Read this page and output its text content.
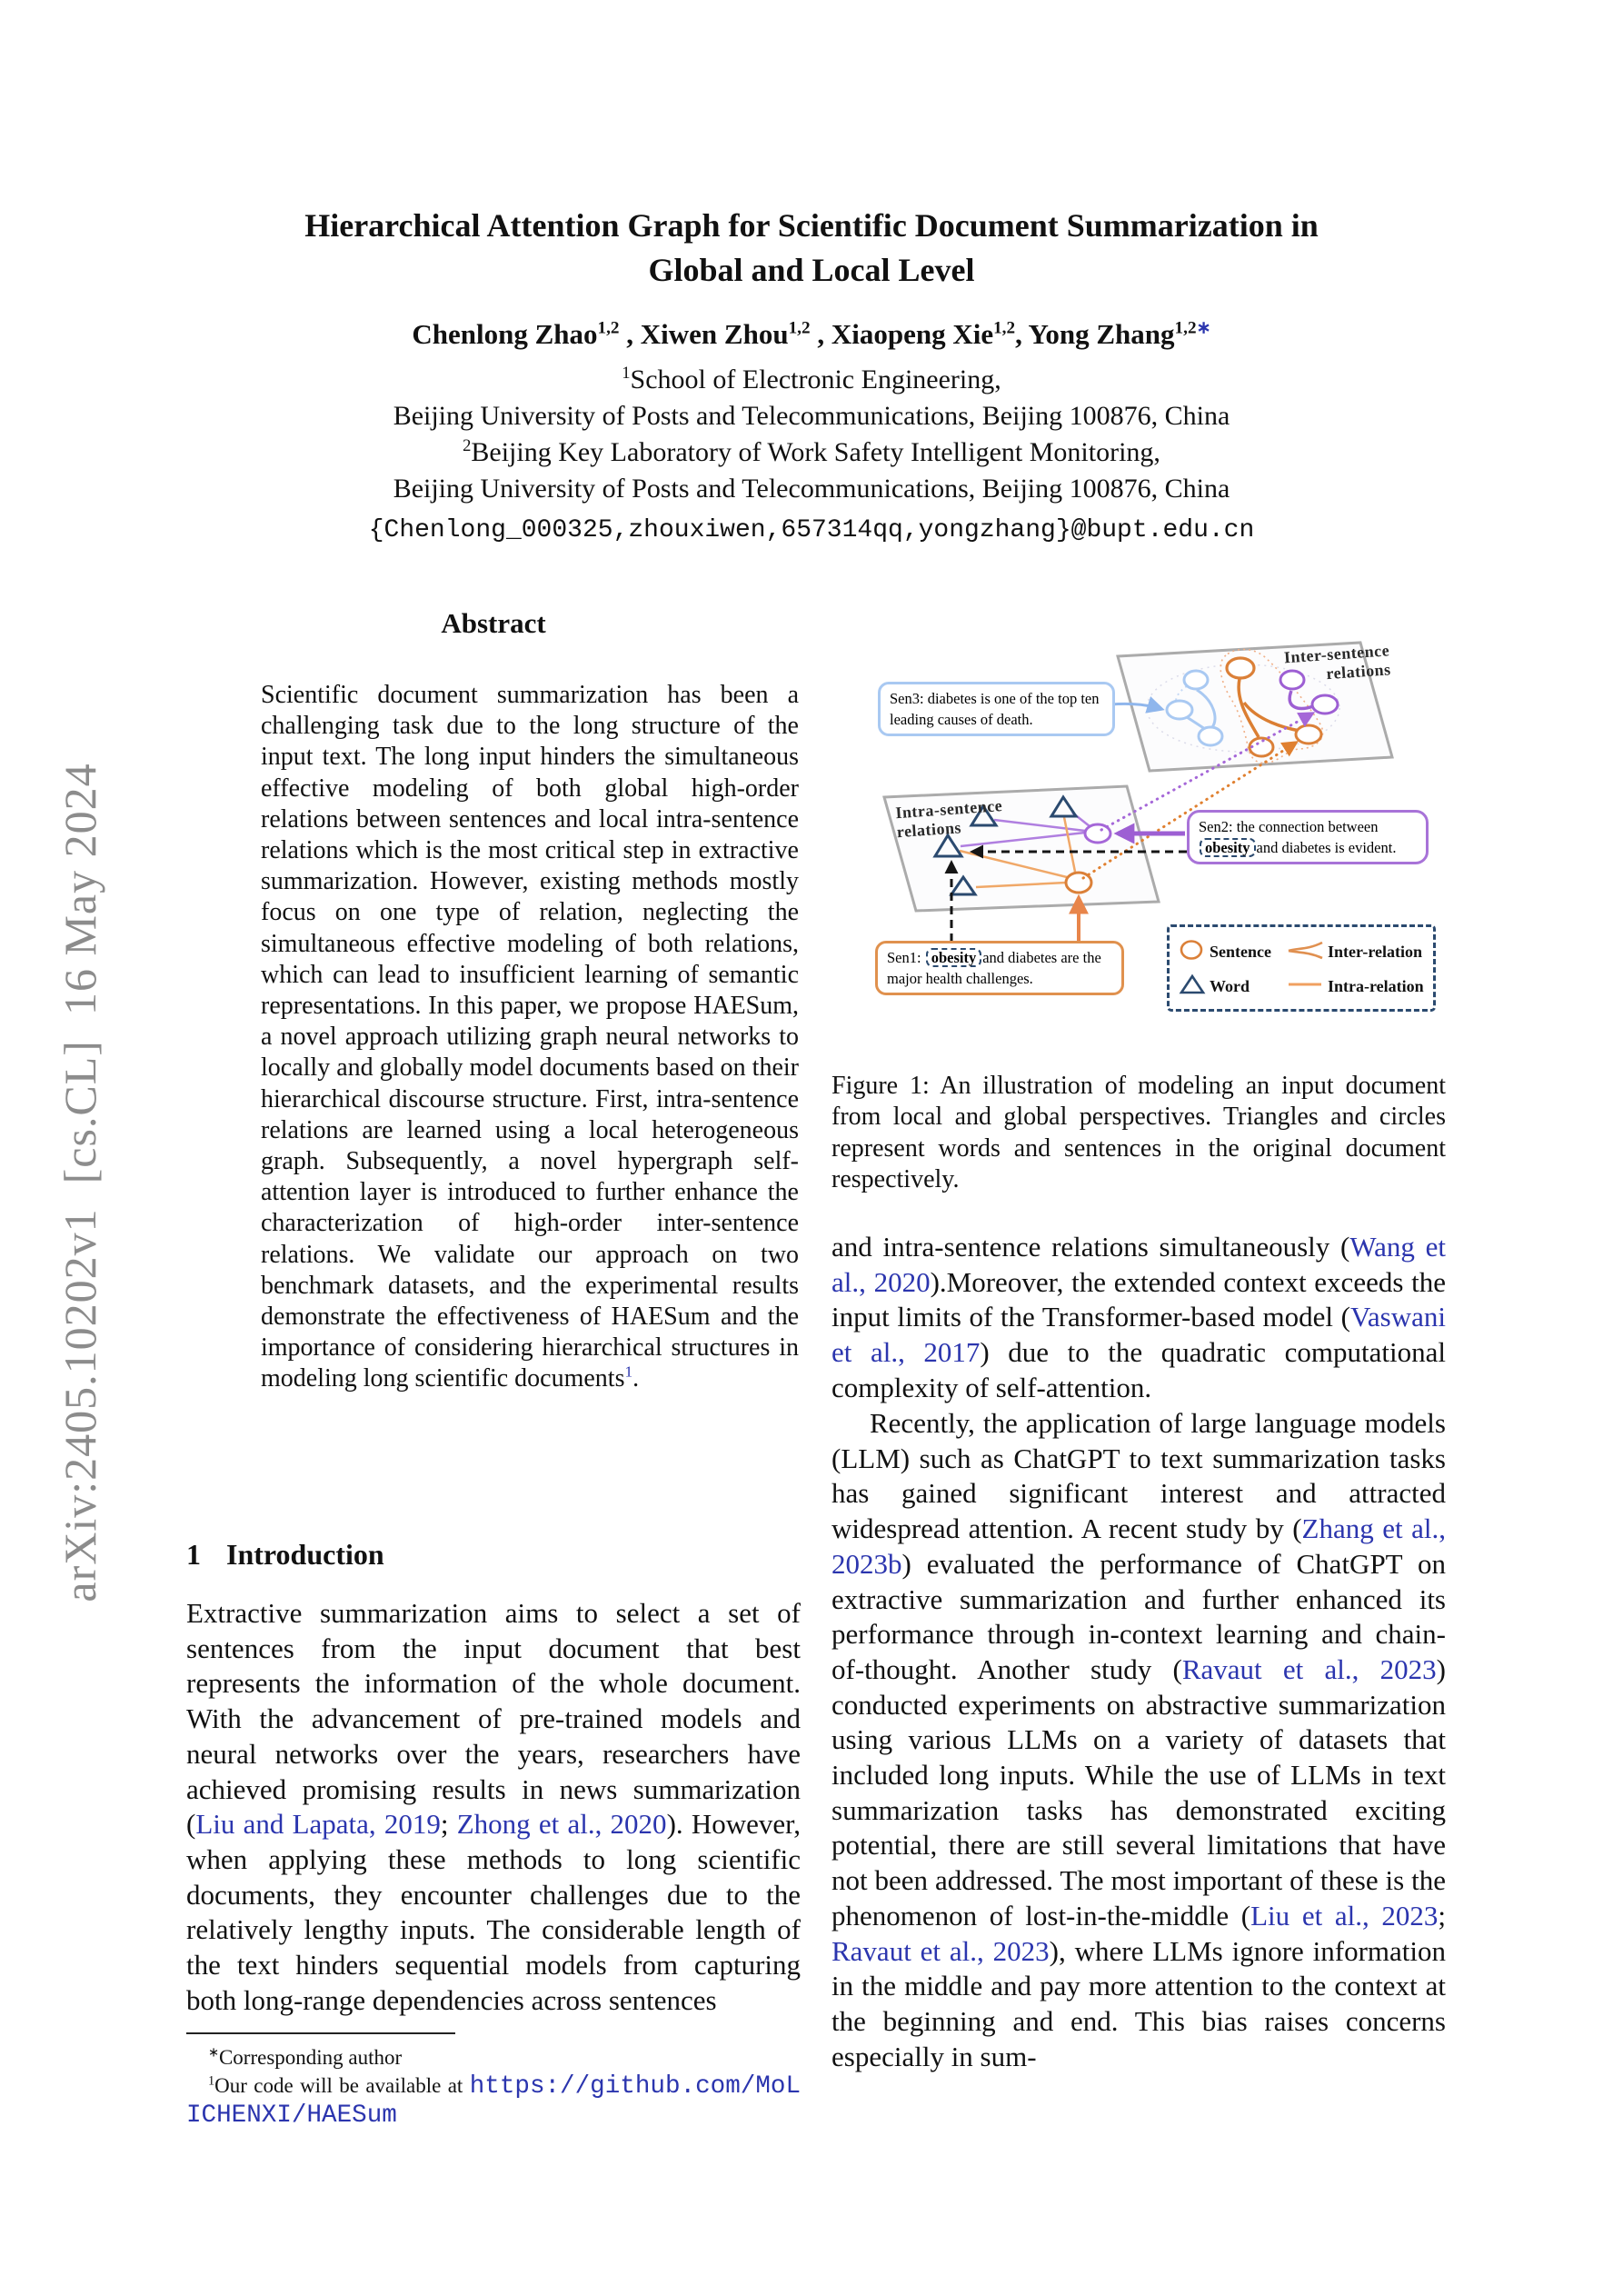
arXiv:2405.10202v1  [cs.CL]  16 May 2024
Hierarchical Attention Graph for Scientific Document Summarization in
Global and Local Level
Chenlong Zhao$^{1,2}$ , Xiwen Zhou$^{1,2}$ , Xiaopeng Xie$^{1,2}$, Yong Zhang$^{1,2∗}$
$^1$School of Electronic Engineering,
Beijing University of Posts and Telecommunications, Beijing 100876, China
$^2$Beijing Key Laboratory of Work Safety Intelligent Monitoring,
Beijing University of Posts and Telecommunications, Beijing 100876, China
{Chenlong_000325,zhouxiwen,657314qq,yongzhang}@bupt.edu.cn
Abstract
Scientific document summarization has been a challenging task due to the long structure of the input text. The long input hinders the simultaneous effective modeling of both global high-order relations between sentences and local intra-sentence relations which is the most critical step in extractive summarization. However, existing methods mostly focus on one type of relation, neglecting the simultaneous effective modeling of both relations, which can lead to insufficient learning of semantic representations. In this paper, we propose HAESum, a novel approach utilizing graph neural networks to locally and globally model documents based on their hierarchical discourse structure. First, intra-sentence relations are learned using a local heterogeneous graph. Subsequently, a novel hypergraph self-attention layer is introduced to further enhance the characterization of high-order inter-sentence relations. We validate our approach on two benchmark datasets, and the experimental results demonstrate the effectiveness of HAESum and the importance of considering hierarchical structures in modeling long scientific documents$^1$.
1 Introduction
Extractive summarization aims to select a set of sentences from the input document that best represents the information of the whole document. With the advancement of pre-trained models and neural networks over the years, researchers have achieved promising results in news summarization (Liu and Lapata, 2019; Zhong et al., 2020). However, when applying these methods to long scientific documents, they encounter challenges due to the relatively lengthy inputs. The considerable length of the text hinders sequential models from capturing both long-range dependencies across sentences
∗Corresponding author
$^1$Our code will be available at https://github.com/MoLICHENXI/HAESum
Inter-sentence relations
Intra-sentence relations
Sen3: diabetes is one of the top ten leading causes of death.
Sen2: the connection between obesity and diabetes is evident.
Sen1: obesity and diabetes are the major health challenges.
Sentence	Inter-relation
Word	Intra-relation
Figure 1: An illustration of modeling an input document from local and global perspectives. Triangles and circles represent words and sentences in the original document respectively.
and intra-sentence relations simultaneously (Wang et al., 2020).Moreover, the extended context exceeds the input limits of the Transformer-based model (Vaswani et al., 2017) due to the quadratic computational complexity of self-attention.
Recently, the application of large language models (LLM) such as ChatGPT to text summarization tasks has gained significant interest and attracted widespread attention. A recent study by (Zhang et al., 2023b) evaluated the performance of ChatGPT on extractive summarization and further enhanced its performance through in-context learning and chain-of-thought. Another study (Ravaut et al., 2023) conducted experiments on abstractive summarization using various LLMs on a variety of datasets that included long inputs. While the use of LLMs in text summarization tasks has demonstrated exciting potential, there are still several limitations that have not been addressed. The most important of these is the phenomenon of lost-in-the-middle (Liu et al., 2023; Ravaut et al., 2023), where LLMs ignore information in the middle and pay more attention to the context at the beginning and end. This bias raises concerns especially in sum-
